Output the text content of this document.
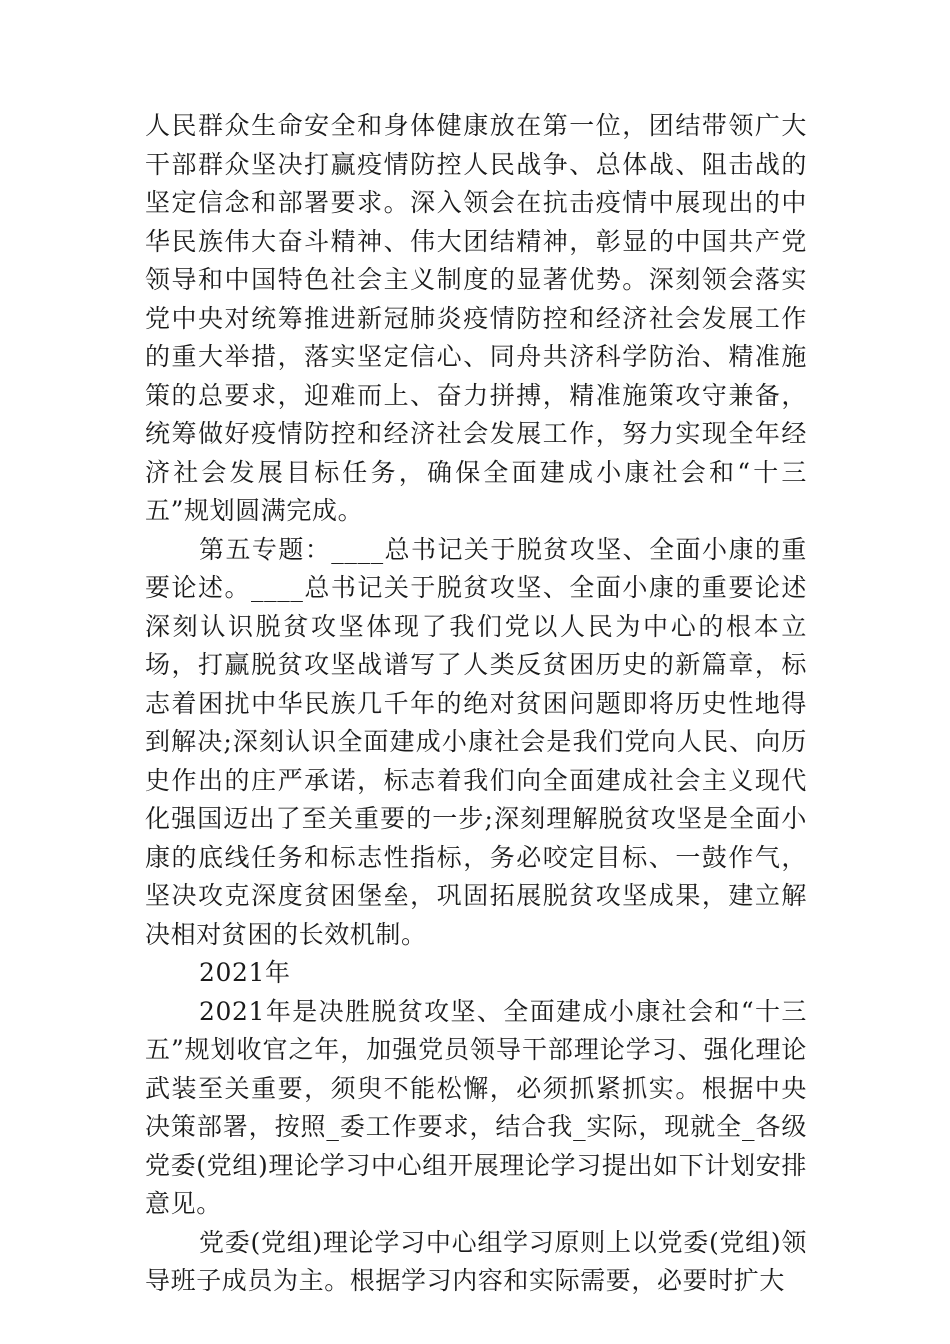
人民群众生命安全和身体健康放在第一位，团结带领广大干部群众坚决打赢疫情防控人民战争、总体战、阻击战的坚定信念和部署要求。深入领会在抗击疫情中展现出的中华民族伟大奋斗精神、伟大团结精神，彰显的中国共产党领导和中国特色社会主义制度的显著优势。深刻领会落实党中央对统筹推进新冠肺炎疫情防控和经济社会发展工作的重大举措，落实坚定信心、同舟共济科学防治、精准施策的总要求，迎难而上、奋力拼搏，精准施策攻守兼备，统筹做好疫情防控和经济社会发展工作，努力实现全年经济社会发展目标任务，确保全面建成小康社会和“十三五”规划圆满完成。

第五专题：____总书记关于脱贫攻坚、全面小康的重要论述。____总书记关于脱贫攻坚、全面小康的重要论述深刻认识脱贫攻坚体现了我们党以人民为中心的根本立场，打赢脱贫攻坚战谱写了人类反贫困历史的新篇章，标志着困扰中华民族几千年的绝对贫困问题即将历史性地得到解决;深刻认识全面建成小康社会是我们党向人民、向历史作出的庄严承诺，标志着我们向全面建成社会主义现代化强国迈出了至关重要的一步;深刻理解脱贫攻坚是全面小康的底线任务和标志性指标，务必咬定目标、一鼓作气，坚决攻克深度贫困堡垒，巩固拓展脱贫攻坚成果，建立解决相对贫困的长效机制。

2021年

2021年是决胜脱贫攻坚、全面建成小康社会和“十三五”规划收官之年，加强党员领导干部理论学习、强化理论武装至关重要，须臾不能松懈，必须抓紧抓实。根据中央决策部署，按照_委工作要求，结合我_实际，现就全_各级党委(党组)理论学习中心组开展理论学习提出如下计划安排意见。

党委(党组)理论学习中心组学习原则上以党委(党组)领导班子成员为主。根据学习内容和实际需要，必要时扩大
